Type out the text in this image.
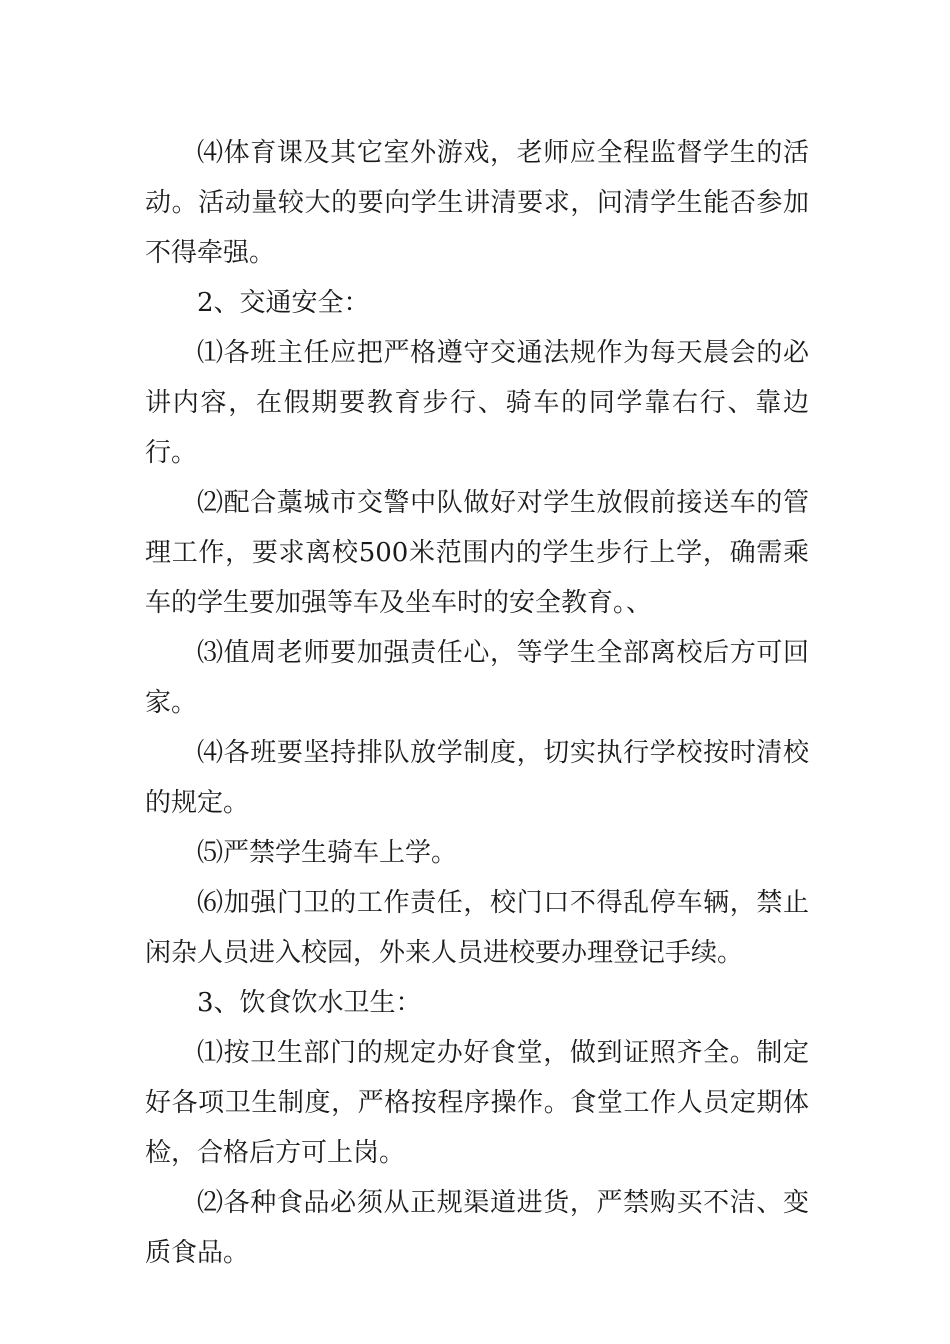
⑷体育课及其它室外游戏，老师应全程监督学生的活动。活动量较大的要向学生讲清要求，问清学生能否参加不得牵强。

2、交通安全：

⑴各班主任应把严格遵守交通法规作为每天晨会的必讲内容，在假期要教育步行、骑车的同学靠右行、靠边行。

⑵配合藁城市交警中队做好对学生放假前接送车的管理工作，要求离校500米范围内的学生步行上学，确需乘车的学生要加强等车及坐车时的安全教育。、

⑶值周老师要加强责任心，等学生全部离校后方可回家。

⑷各班要坚持排队放学制度，切实执行学校按时清校的规定。

⑸严禁学生骑车上学。

⑹加强门卫的工作责任，校门口不得乱停车辆，禁止闲杂人员进入校园，外来人员进校要办理登记手续。

3、饮食饮水卫生：

⑴按卫生部门的规定办好食堂，做到证照齐全。制定好各项卫生制度，严格按程序操作。食堂工作人员定期体检，合格后方可上岗。

⑵各种食品必须从正规渠道进货，严禁购买不洁、变质食品。
